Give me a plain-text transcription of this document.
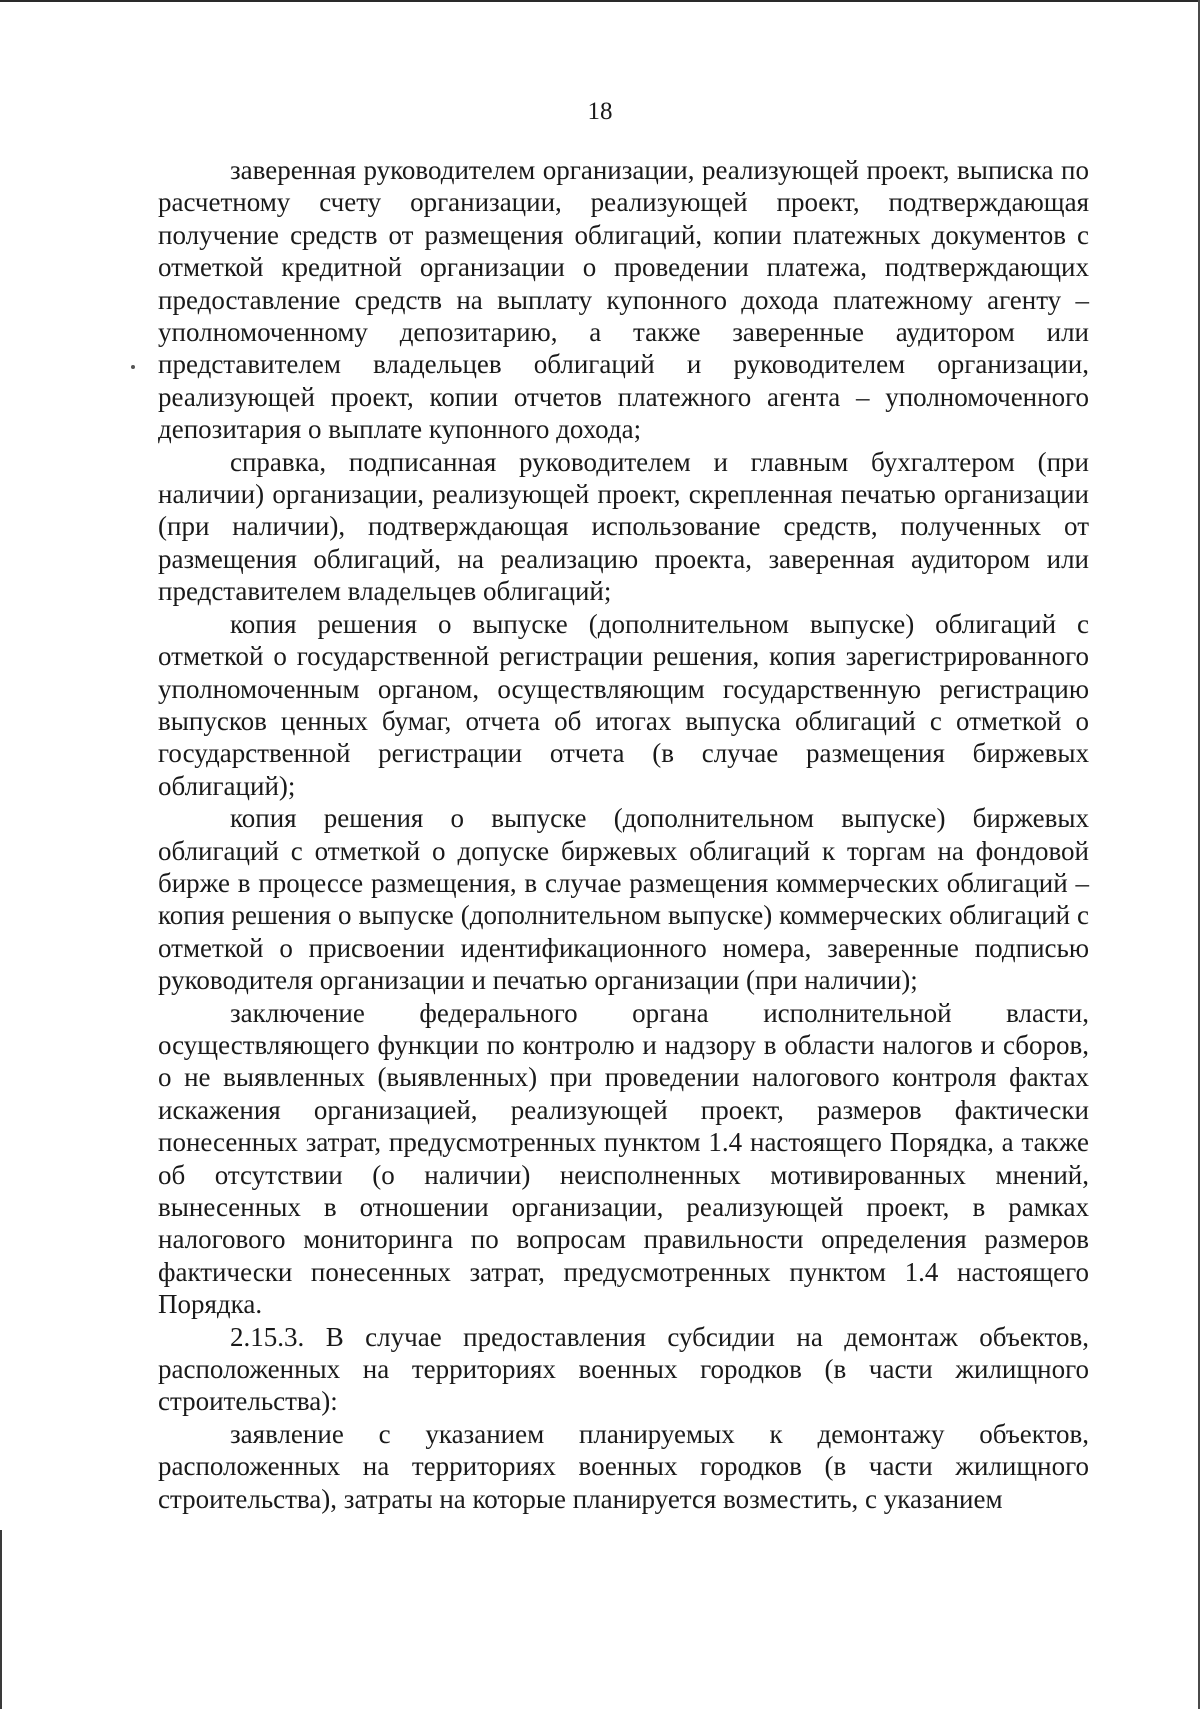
18

заверенная руководителем организации, реализующей проект, выписка по расчетному счету организации, реализующей проект, подтверждающая получение средств от размещения облигаций, копии платежных документов с отметкой кредитной организации о проведении платежа, подтверждающих предоставление средств на выплату купонного дохода платежному агенту – уполномоченному депозитарию, а также заверенные аудитором или представителем владельцев облигаций и руководителем организации, реализующей проект, копии отчетов платежного агента – уполномоченного депозитария о выплате купонного дохода;

справка, подписанная руководителем и главным бухгалтером (при наличии) организации, реализующей проект, скрепленная печатью организации (при наличии), подтверждающая использование средств, полученных от размещения облигаций, на реализацию проекта, заверенная аудитором или представителем владельцев облигаций;

копия решения о выпуске (дополнительном выпуске) облигаций с отметкой о государственной регистрации решения, копия зарегистрированного уполномоченным органом, осуществляющим государственную регистрацию выпусков ценных бумаг, отчета об итогах выпуска облигаций с отметкой о государственной регистрации отчета (в случае размещения биржевых облигаций);

копия решения о выпуске (дополнительном выпуске) биржевых облигаций с отметкой о допуске биржевых облигаций к торгам на фондовой бирже в процессе размещения, в случае размещения коммерческих облигаций – копия решения о выпуске (дополнительном выпуске) коммерческих облигаций с отметкой о присвоении идентификационного номера, заверенные подписью руководителя организации и печатью организации (при наличии);

заключение федерального органа исполнительной власти, осуществляющего функции по контролю и надзору в области налогов и сборов, о не выявленных (выявленных) при проведении налогового контроля фактах искажения организацией, реализующей проект, размеров фактически понесенных затрат, предусмотренных пунктом 1.4 настоящего Порядка, а также об отсутствии (о наличии) неисполненных мотивированных мнений, вынесенных в отношении организации, реализующей проект, в рамках налогового мониторинга по вопросам правильности определения размеров фактически понесенных затрат, предусмотренных пунктом 1.4 настоящего Порядка.

2.15.3. В случае предоставления субсидии на демонтаж объектов, расположенных на территориях военных городков (в части жилищного строительства):

заявление с указанием планируемых к демонтажу объектов, расположенных на территориях военных городков (в части жилищного строительства), затраты на которые планируется возместить, с указанием
